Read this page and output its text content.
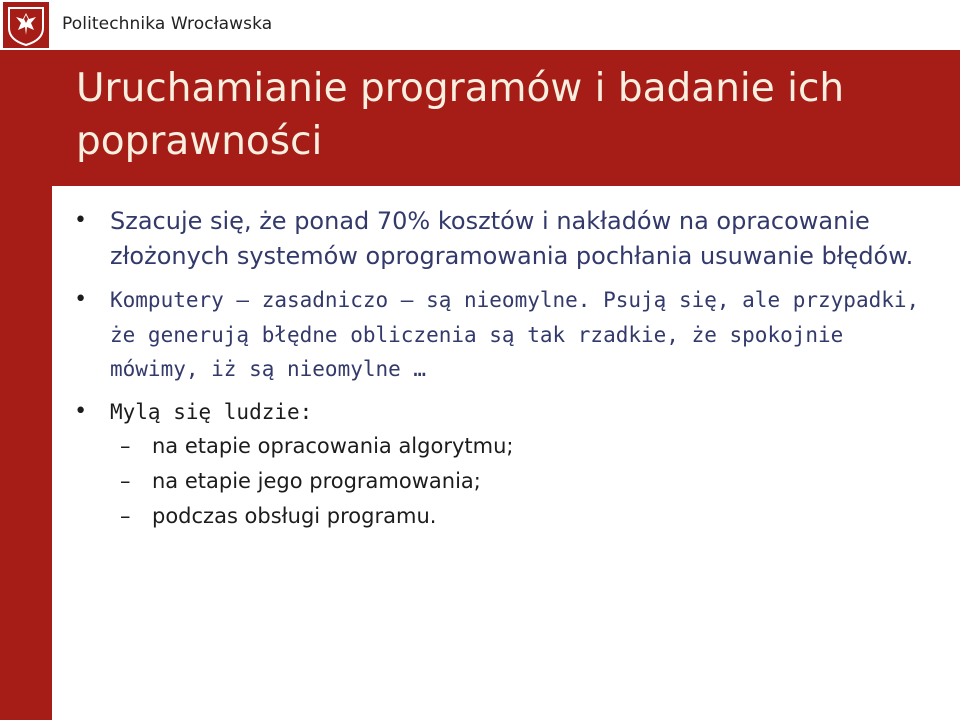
Politechnika Wrocławska
Uruchamianie programów i badanie ich poprawności
• Szacuje się, że ponad 70% kosztów i nakładów na opracowanie złożonych systemów oprogramowania pochłania usuwanie błędów.
• Komputery – zasadniczo – są nieomylne. Psują się, ale przypadki, że generują błędne obliczenia są tak rzadkie, że spokojnie mówimy, iż są nieomylne …
• Mylą się ludzie:
– na etapie opracowania algorytmu;
– na etapie jego programowania;
– podczas obsługi programu.
